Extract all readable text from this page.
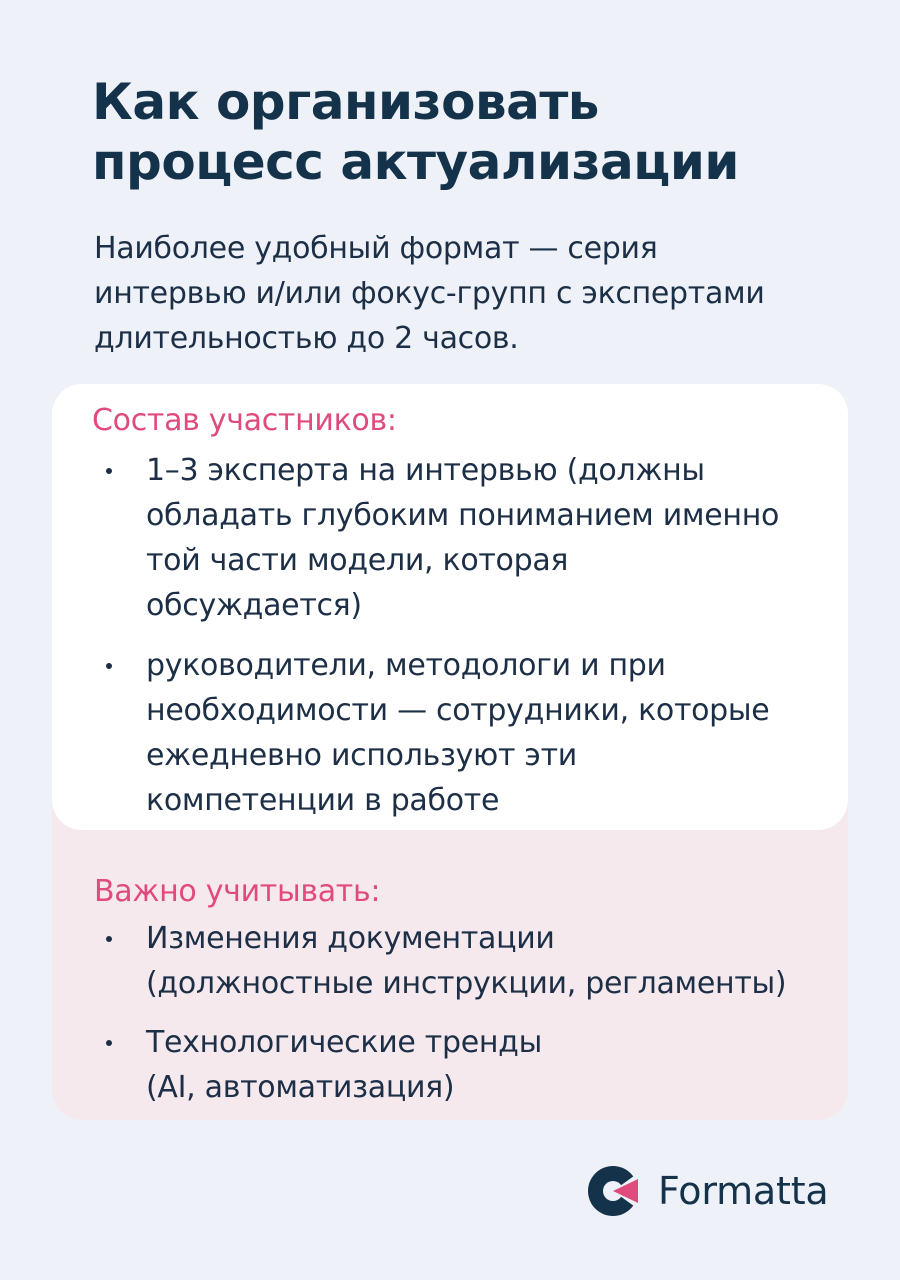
Как организовать
процесс актуализации

Наиболее удобный формат — серия
интервью и/или фокус-групп с экспертами
длительностью до 2 часов.

Состав участников:
1–3 эксперта на интервью (должны
обладать глубоким пониманием именно
той части модели, которая
обсуждается)
руководители, методологи и при
необходимости — сотрудники, которые
ежедневно используют эти
компетенции в работе
Важно учитывать:
Изменения документации
(должностные инструкции, регламенты)
Технологические тренды
(AI, автоматизация)
Formatta
